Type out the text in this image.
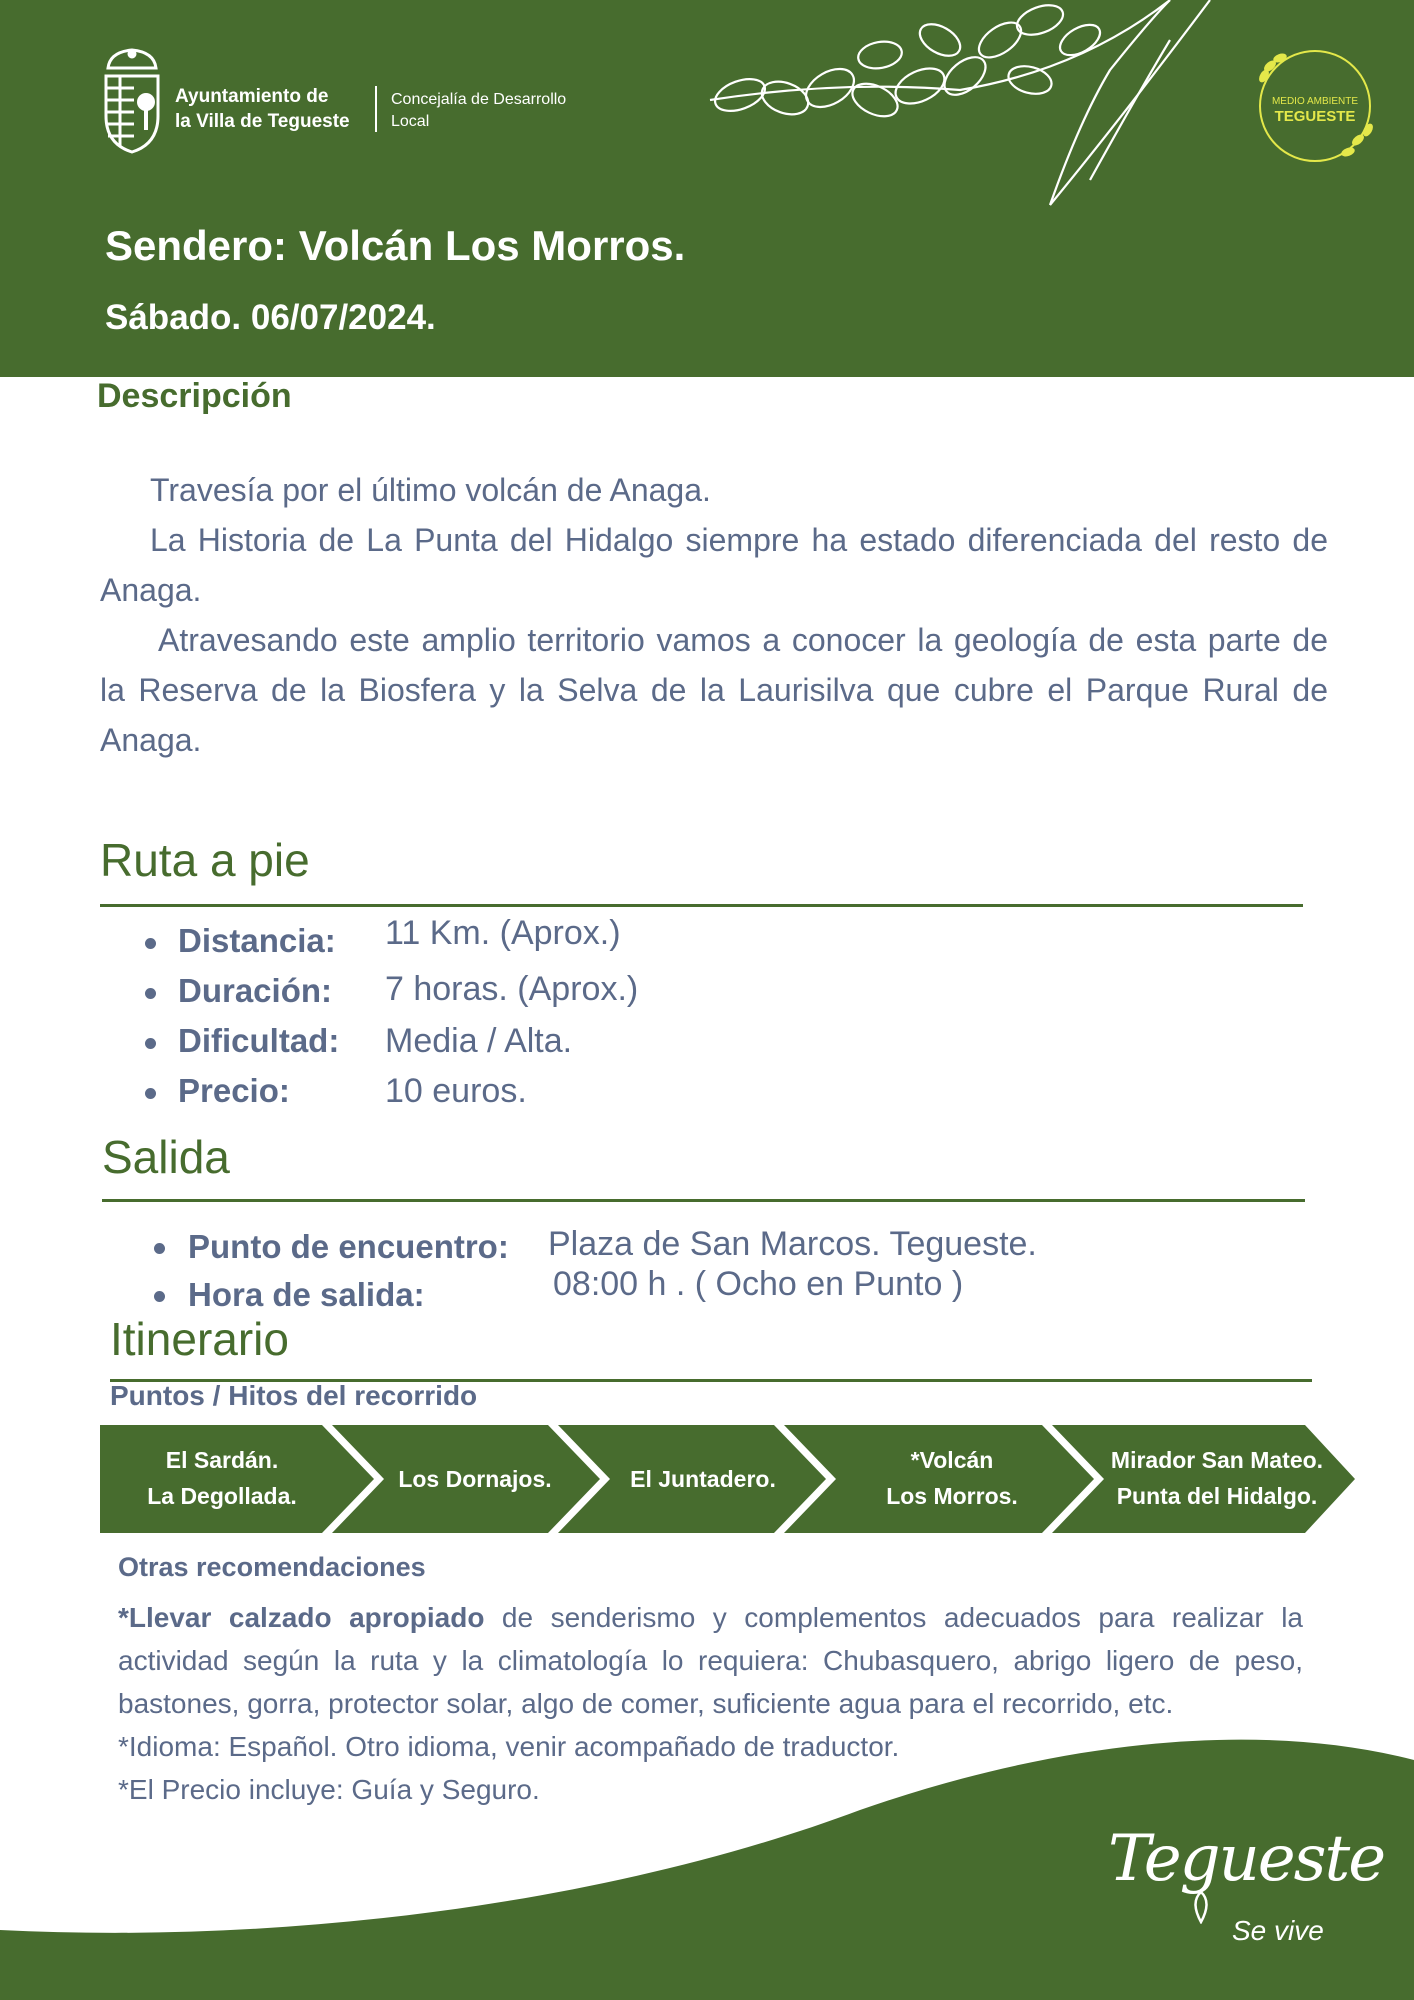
Ayuntamiento de
la Villa de Tegueste
Concejalía de Desarrollo
Local
MEDIO AMBIENTE
TEGUESTE
Sendero: Volcán Los Morros.
Sábado. 06/07/2024.
Descripción

Travesía por el último volcán de Anaga.

La Historia de La Punta del Hidalgo siempre ha estado diferenciada del resto de Anaga.

Atravesando este amplio territorio vamos a conocer la geología de esta parte de la Reserva de la Biosfera y la Selva de la Laurisilva que cubre el Parque Rural de Anaga.

Ruta a pie
Distancia: 11 Km. (Aprox.)
Duración: 7 horas. (Aprox.)
Dificultad: Media / Alta.
Precio:	10 euros.
Salida
Punto de encuentro: Plaza de San Marcos. Tegueste.
Hora de salida:	08:00 h . ( Ocho en Punto )
Itinerario
Puntos / Hitos del recorrido
El Sardán.
La Degollada.
Los Dornajos.	El Juntadero.
*Volcán
Los Morros.
Mirador San Mateo.
Punta del Hidalgo.
Otras recomendaciones

*Llevar calzado apropiado de senderismo y complementos adecuados para realizar la actividad según la ruta y la climatología lo requiera: Chubasquero, abrigo ligero de peso, bastones, gorra, protector solar, algo de comer, suficiente agua para el recorrido, etc.

*Idioma: Español. Otro idioma, venir acompañado de traductor.

*El Precio incluye: Guía y Seguro.

Tegueste
Se vive
